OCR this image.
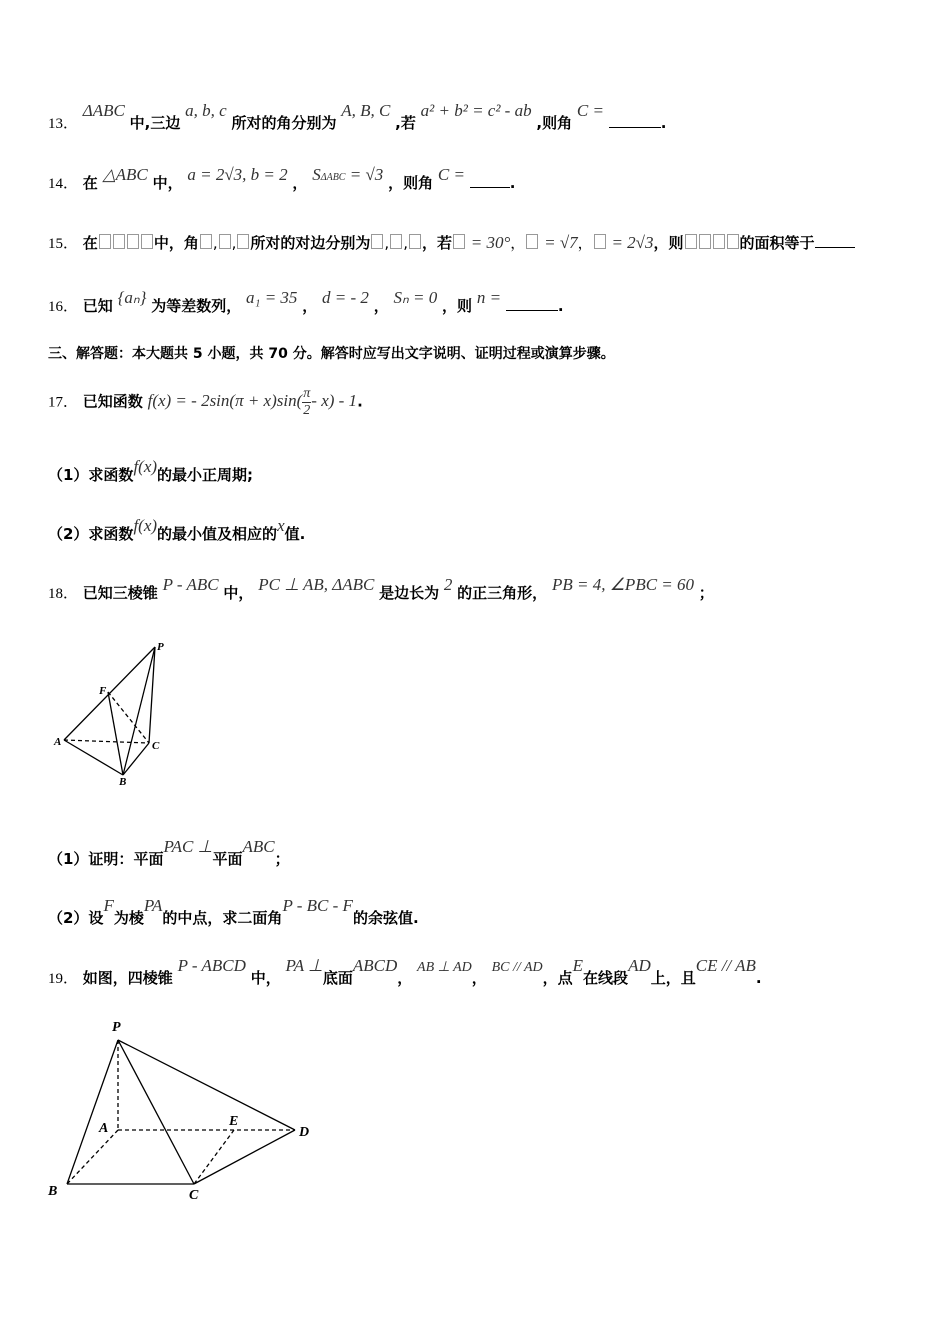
13． ΔABC 中,三边 a, b, c 所对的角分别为 A, B, C ,若 a² + b² = c² - ab ,则角 C = .
14． 在 △ABC 中， a = 2√3, b = 2 ， SΔABC = √3 ，则角 C =	.
15． 在	中，角 , , 所对的对边分别为 , , ，若 = 30°， = √7， = 2√3，则	的面积等于
16． 已知 {aₙ} 为等差数列， a₁ = 35 ， d = - 2 ， Sₙ = 0 ，则 n =	.
三、解答题：本大题共 5 小题，共 70 分。解答时应写出文字说明、证明过程或演算步骤。
17． 已知函数 f(x) = - $2\sin(\pi + x)\sin( \frac{\pi}{2} - x) - 1$.
（1）求函数f(x)的最小正周期;
（2）求函数f(x)的最小值及相应的x值.
18． 已知三棱锥 P - ABC 中， PC ⊥ AB, ΔABC 是边长为 2 的正三角形， PB = 4, ∠PBC = 60 ；
P
F
A	C
B
（1）证明：平面PAC ⊥平面ABC；
（2）设F为棱PA的中点，求二面角P - BC - F的余弦值.
19． 如图，四棱锥 P - ABCD 中， PA ⊥底面ABCD， AB ⊥ AD， BC // AD，点E在线段AD上，且CE // AB.
P
A	E
D
B	C
